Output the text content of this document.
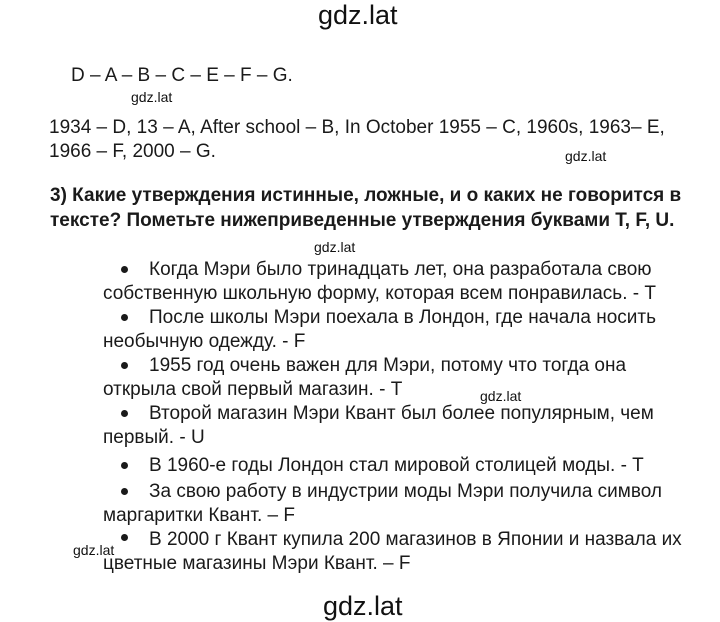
gdz.lat
gdz.lat
gdz.lat
gdz.lat
gdz.lat
gdz.lat
gdz.lat
D – A – B – C – E – F – G.
1934 – D, 13 – A, After school – B, In October 1955 – C, 1960s, 1963– E,
1966 – F, 2000 – G.
3) Какие утверждения истинные, ложные, и о каких не говорится в
тексте? Пометьте нижеприведенные утверждения буквами T, F, U.
Когда Мэри было тринадцать лет, она разработала свою
собственную школьную форму, которая всем понравилась. - T
После школы Мэри поехала в Лондон, где начала носить
необычную одежду. - F
1955 год очень важен для Мэри, потому что тогда она
открыла свой первый магазин. - T
Второй магазин Мэри Квант был более популярным, чем
первый. - U
В 1960-е годы Лондон стал мировой столицей моды. - T
За свою работу в индустрии моды Мэри получила символ
маргаритки Квант. – F
В 2000 г Квант купила 200 магазинов в Японии и назвала их
цветные магазины Мэри Квант. – F
